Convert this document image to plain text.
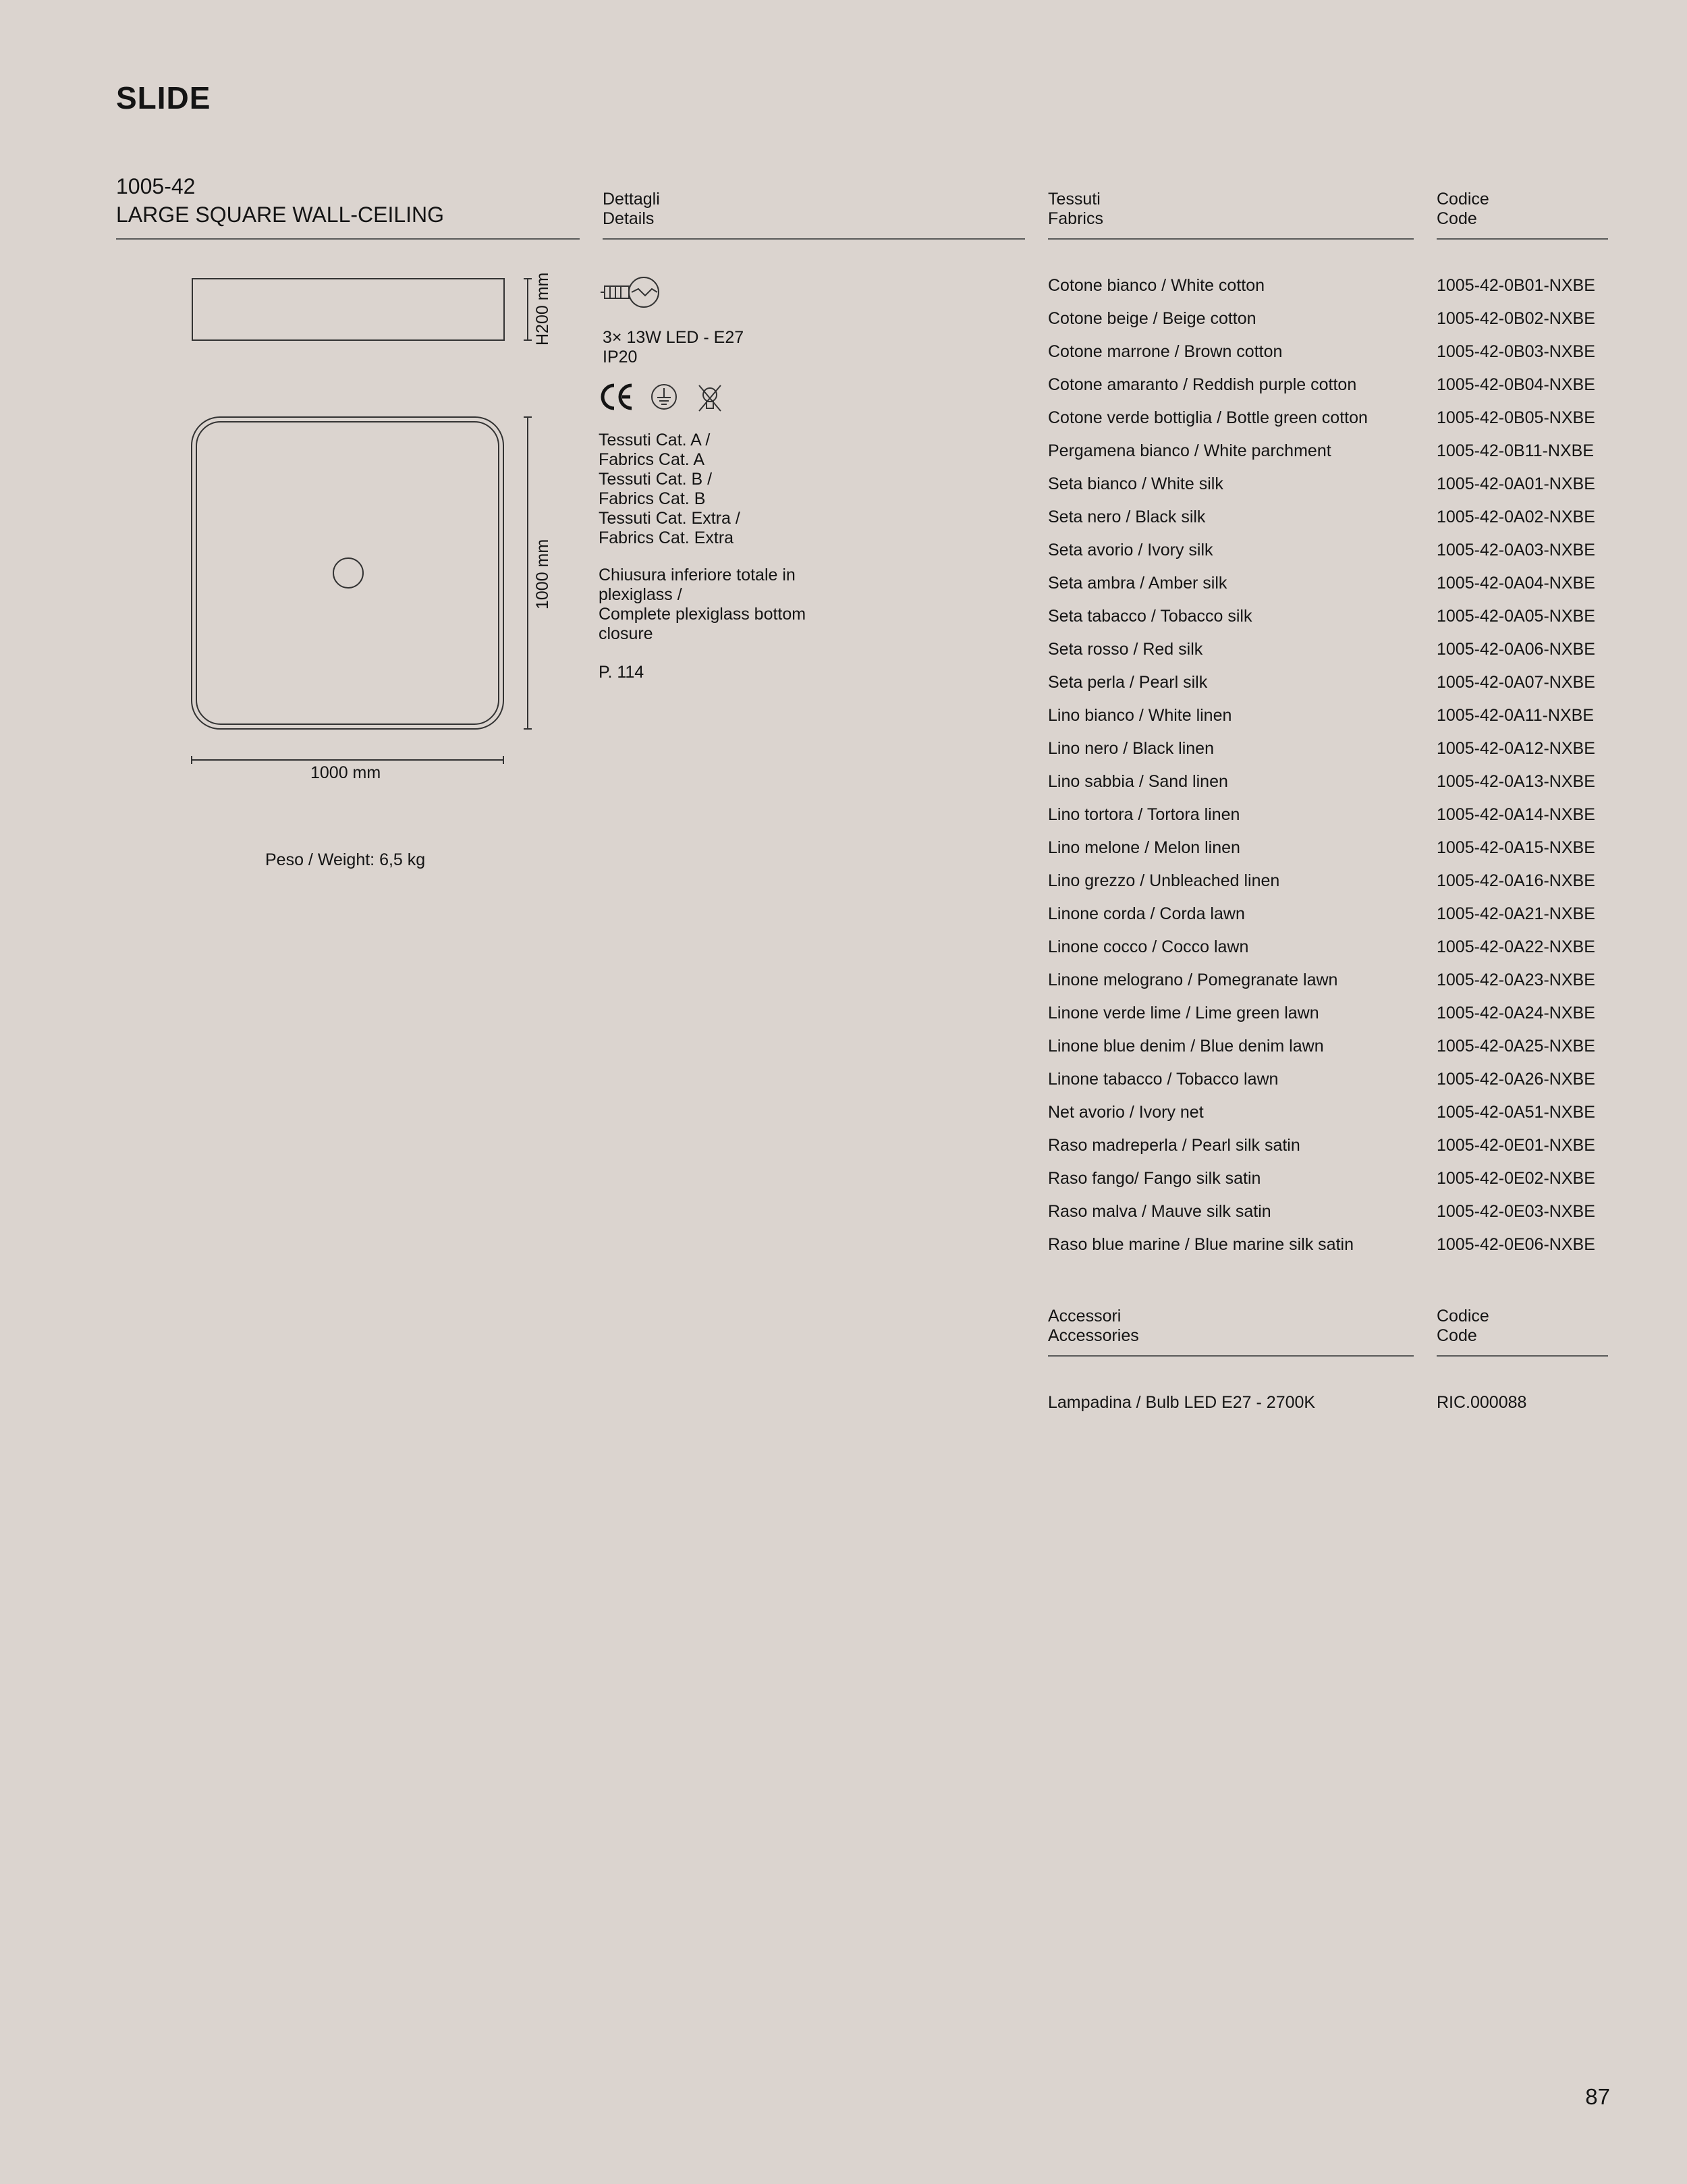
SLIDE
1005-42
LARGE SQUARE WALL-CEILING
Dettagli
Details
Tessuti
Fabrics
Codice
Code
H200 mm
1000 mm
1000 mm
Peso / Weight: 6,5 kg
3× 13W LED - E27
IP20
Tessuti Cat. A /
Fabrics Cat. A
Tessuti Cat. B /
Fabrics Cat. B
Tessuti Cat. Extra /
Fabrics Cat. Extra
Chiusura inferiore totale in
plexiglass /
Complete plexiglass bottom
closure
P. 114
Cotone bianco / White cotton	1005-42-0B01-NXBE
Cotone beige / Beige cotton	1005-42-0B02-NXBE
Cotone marrone / Brown cotton	1005-42-0B03-NXBE
Cotone amaranto / Reddish purple cotton	1005-42-0B04-NXBE
Cotone verde bottiglia / Bottle green cotton	1005-42-0B05-NXBE
Pergamena bianco / White parchment	1005-42-0B11-NXBE
Seta bianco / White silk	1005-42-0A01-NXBE
Seta nero / Black silk	1005-42-0A02-NXBE
Seta avorio / Ivory silk	1005-42-0A03-NXBE
Seta ambra / Amber silk	1005-42-0A04-NXBE
Seta tabacco / Tobacco silk	1005-42-0A05-NXBE
Seta rosso / Red silk	1005-42-0A06-NXBE
Seta perla / Pearl silk	1005-42-0A07-NXBE
Lino bianco / White linen	1005-42-0A11-NXBE
Lino nero / Black linen	1005-42-0A12-NXBE
Lino sabbia / Sand linen	1005-42-0A13-NXBE
Lino tortora / Tortora linen	1005-42-0A14-NXBE
Lino melone / Melon linen	1005-42-0A15-NXBE
Lino grezzo / Unbleached linen	1005-42-0A16-NXBE
Linone corda / Corda lawn	1005-42-0A21-NXBE
Linone cocco / Cocco lawn	1005-42-0A22-NXBE
Linone melograno / Pomegranate lawn	1005-42-0A23-NXBE
Linone verde lime / Lime green lawn	1005-42-0A24-NXBE
Linone blue denim / Blue denim lawn	1005-42-0A25-NXBE
Linone tabacco / Tobacco lawn	1005-42-0A26-NXBE
Net avorio / Ivory net	1005-42-0A51-NXBE
Raso madreperla / Pearl silk satin	1005-42-0E01-NXBE
Raso fango/ Fango silk satin	1005-42-0E02-NXBE
Raso malva / Mauve silk satin	1005-42-0E03-NXBE
Raso blue marine / Blue marine silk satin	1005-42-0E06-NXBE
Accessori
Accessories
Codice
Code
Lampadina / Bulb LED E27 - 2700K	RIC.000088
87
